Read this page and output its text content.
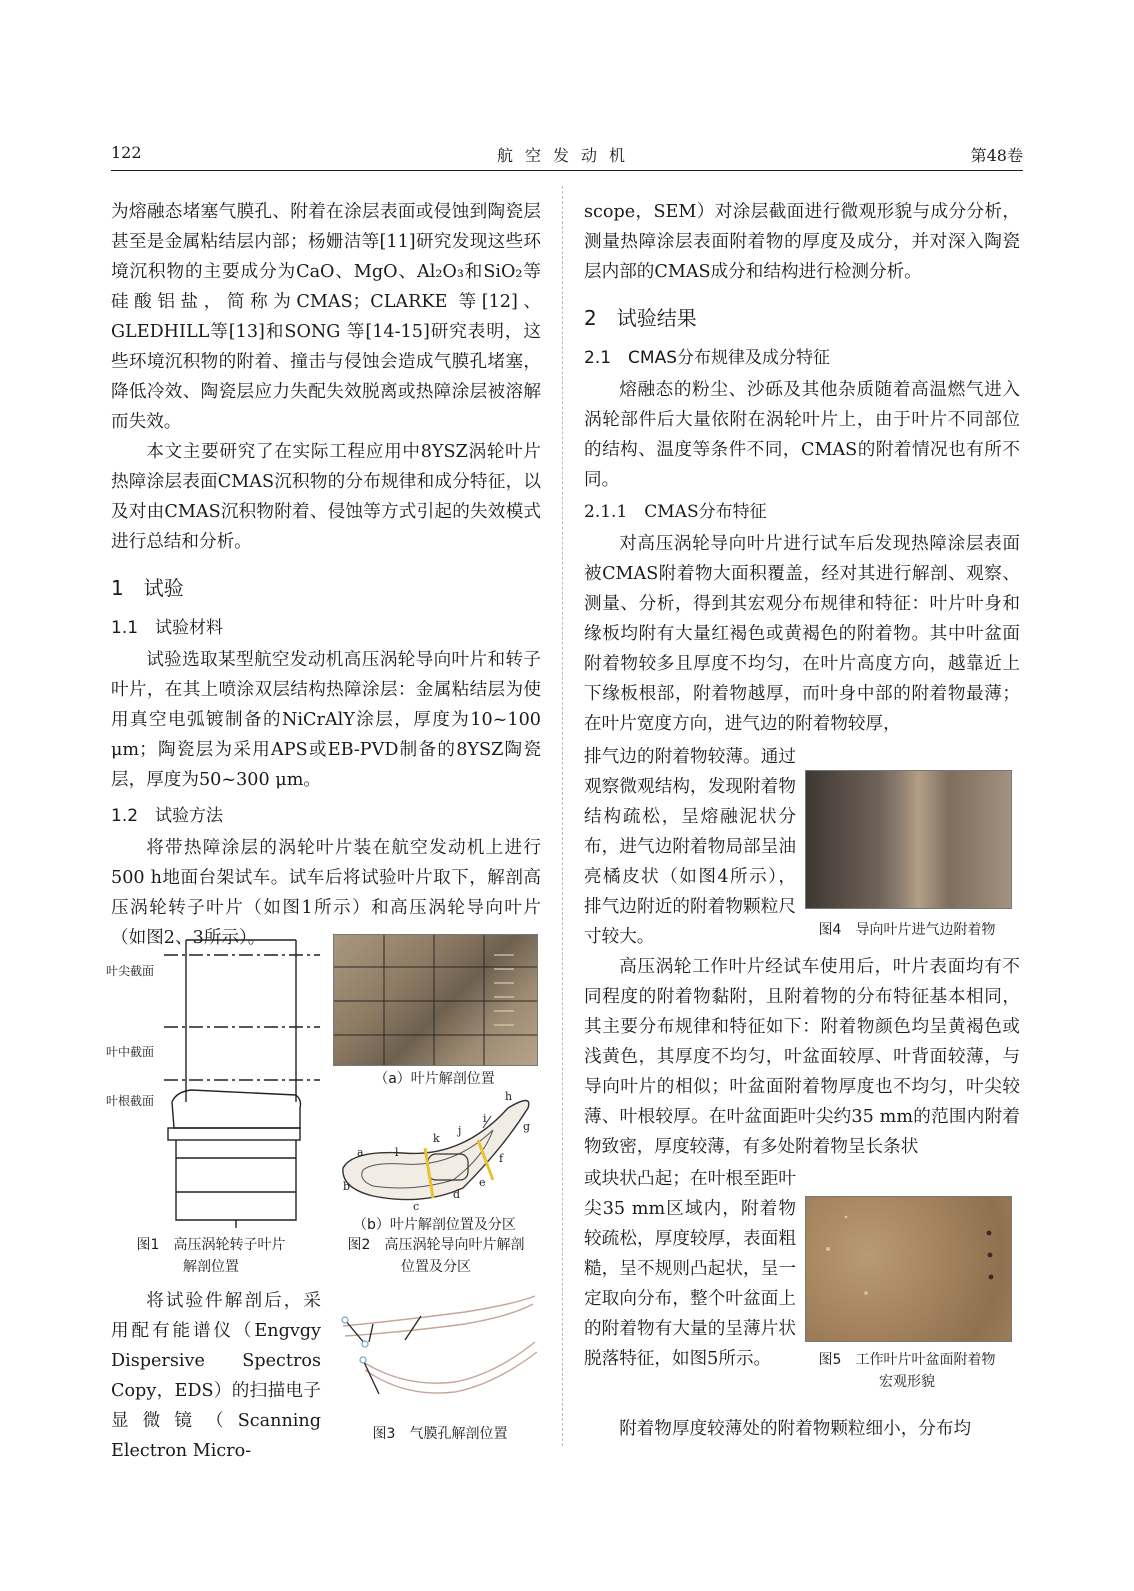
122	航空发动机	第48卷

为熔融态堵塞气膜孔、附着在涂层表面或侵蚀到陶瓷层甚至是金属粘结层内部；杨姗洁等[11]研究发现这些环境沉积物的主要成分为CaO、MgO、Al₂O₃和SiO₂等硅酸铝盐，简称为CMAS；CLARKE 等[12]、GLEDHILL等[13]和SONG 等[14-15]研究表明，这些环境沉积物的附着、撞击与侵蚀会造成气膜孔堵塞，降低冷效、陶瓷层应力失配失效脱离或热障涂层被溶解而失效。

本文主要研究了在实际工程应用中8YSZ涡轮叶片热障涂层表面CMAS沉积物的分布规律和成分特征，以及对由CMAS沉积物附着、侵蚀等方式引起的失效模式进行总结和分析。

1　试验
1.1　试验材料

试验选取某型航空发动机高压涡轮导向叶片和转子叶片，在其上喷涂双层结构热障涂层：金属粘结层为使用真空电弧镀制备的NiCrAlY涂层，厚度为10~100 μm；陶瓷层为采用APS或EB-PVD制备的8YSZ陶瓷层，厚度为50~300 μm。

1.2　试验方法

将带热障涂层的涡轮叶片装在航空发动机上进行500 h地面台架试车。试车后将试验叶片取下，解剖高压涡轮转子叶片（如图1所示）和高压涡轮导向叶片（如图2、3所示）。

叶尖截面
叶中截面
叶根截面
图1　高压涡轮转子叶片
解剖位置
（a）叶片解剖位置
h
i
j
k
g
f
a	l
b
c
d
e
（b）叶片解剖位置及分区
图2　高压涡轮导向叶片解剖
位置及分区

将试验件解剖后，采用配有能谱仪（Engvgy Dispersive Spectros Copy，EDS）的扫描电子显微镜（Scanning Electron Micro-

图3　气膜孔解剖位置

scope，SEM）对涂层截面进行微观形貌与成分分析，测量热障涂层表面附着物的厚度及成分，并对深入陶瓷层内部的CMAS成分和结构进行检测分析。

2　试验结果
2.1　CMAS分布规律及成分特征

熔融态的粉尘、沙砾及其他杂质随着高温燃气进入涡轮部件后大量依附在涡轮叶片上，由于叶片不同部位的结构、温度等条件不同，CMAS的附着情况也有所不同。

2.1.1　CMAS分布特征

对高压涡轮导向叶片进行试车后发现热障涂层表面被CMAS附着物大面积覆盖，经对其进行解剖、观察、测量、分析，得到其宏观分布规律和特征：叶片叶身和缘板均附有大量红褐色或黄褐色的附着物。其中叶盆面附着物较多且厚度不均匀，在叶片高度方向，越靠近上下缘板根部，附着物越厚，而叶身中部的附着物最薄；在叶片宽度方向，进气边的附着物较厚，

排气边的附着物较薄。通过观察微观结构，发现附着物结构疏松，呈熔融泥状分布，进气边附着物局部呈油亮橘皮状（如图4所示），排气边附近的附着物颗粒尺寸较大。	图4　导向叶片进气边附着物

高压涡轮工作叶片经试车使用后，叶片表面均有不同程度的附着物黏附，且附着物的分布特征基本相同，其主要分布规律和特征如下：附着物颜色均呈黄褐色或浅黄色，其厚度不均匀，叶盆面较厚、叶背面较薄，与导向叶片的相似；叶盆面附着物厚度也不均匀，叶尖较薄、叶根较厚。在叶盆面距叶尖约35 mm的范围内附着物致密，厚度较薄，有多处附着物呈长条状

或块状凸起；在叶根至距叶尖35 mm区域内，附着物较疏松，厚度较厚，表面粗糙，呈不规则凸起状，呈一定取向分布，整个叶盆面上的附着物有大量的呈薄片状脱落特征，如图5所示。	图5　工作叶片叶盆面附着物
宏观形貌

附着物厚度较薄处的附着物颗粒细小，分布均
